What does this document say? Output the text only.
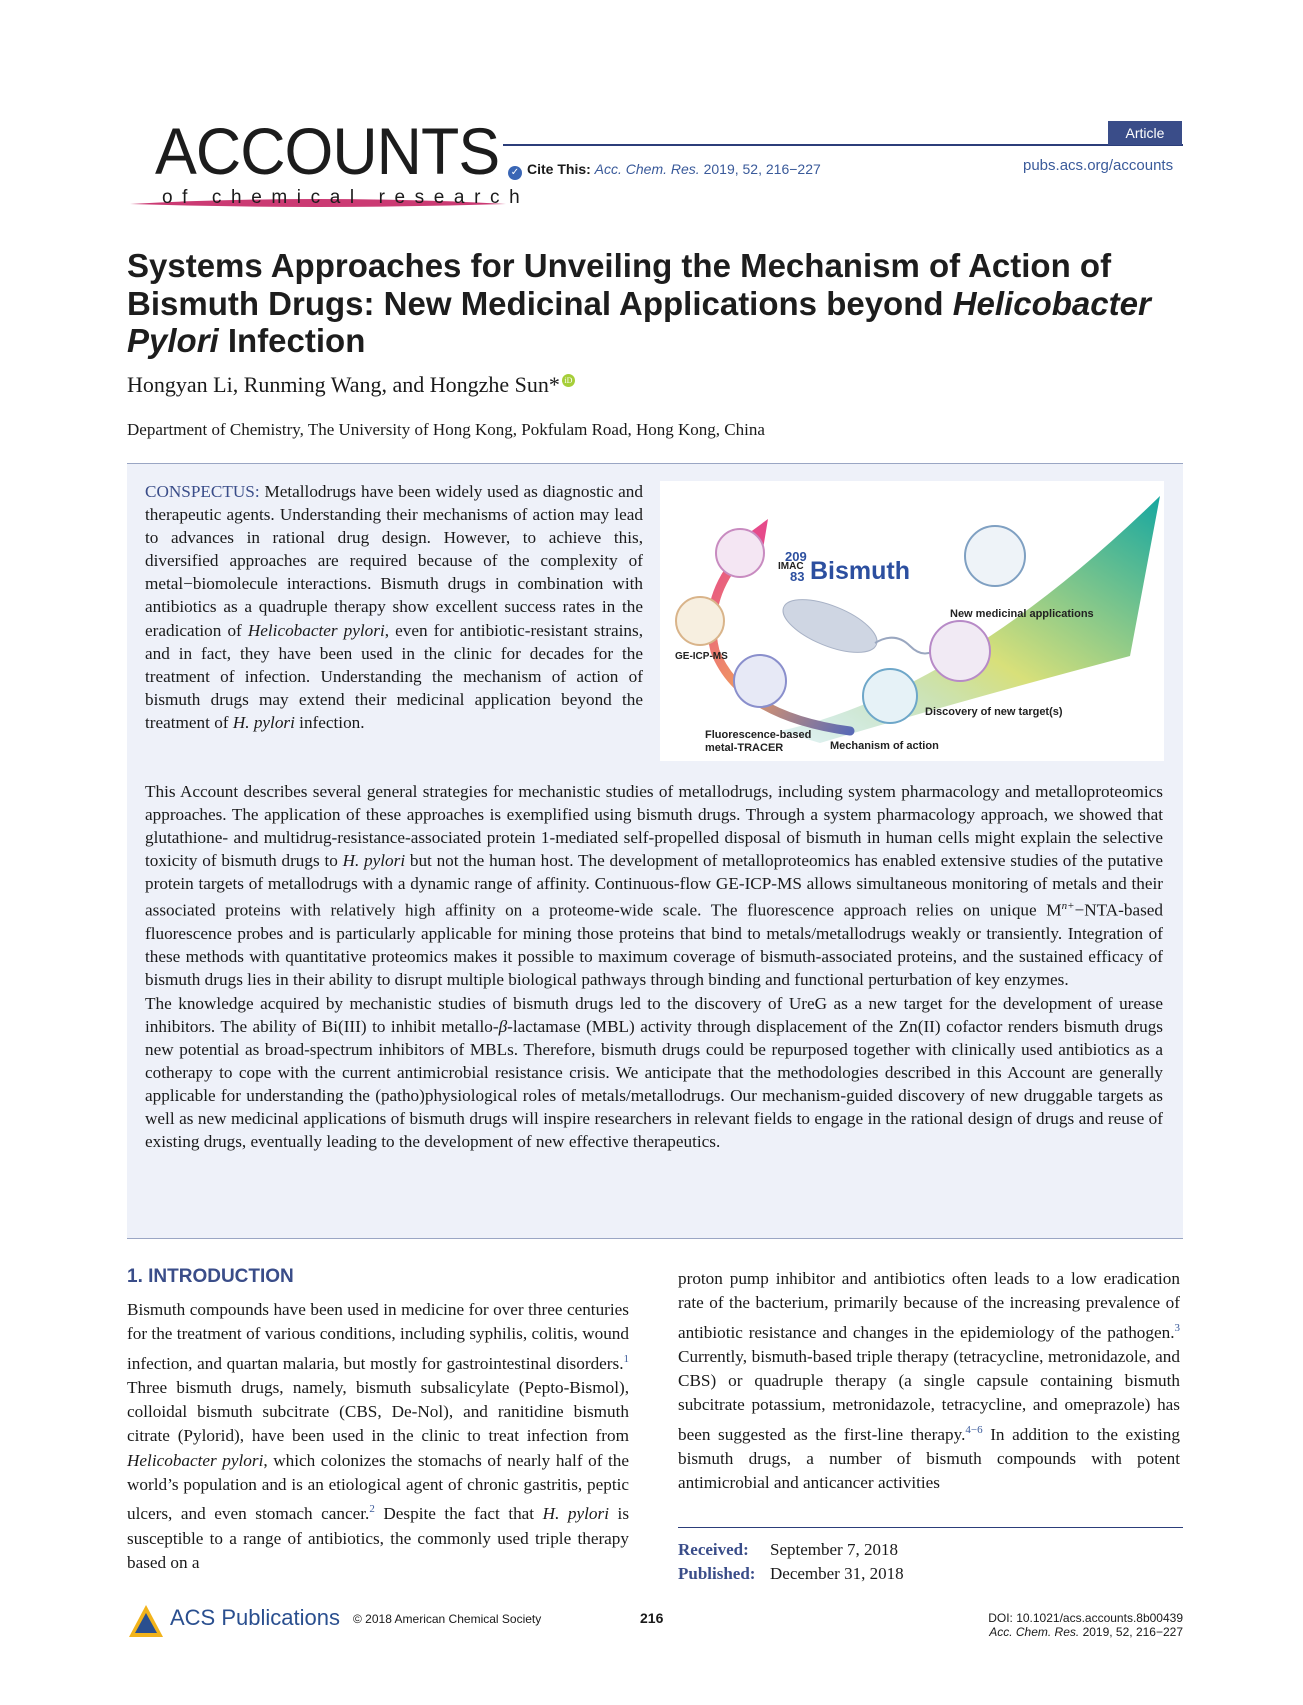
ACCOUNTS
of chemical research
Article
✓ Cite This: Acc. Chem. Res. 2019, 52, 216−227	pubs.acs.org/accounts
Systems Approaches for Unveiling the Mechanism of Action of Bismuth Drugs: New Medicinal Applications beyond Helicobacter Pylori Infection
Hongyan Li, Runming Wang, and Hongzhe Sun* iD
Department of Chemistry, The University of Hong Kong, Pokfulam Road, Hong Kong, China

CONSPECTUS: Metallodrugs have been widely used as diagnostic and therapeutic agents. Understanding their mechanisms of action may lead to advances in rational drug design. However, to achieve this, diversified approaches are required because of the complexity of metal−biomolecule interactions. Bismuth drugs in combination with antibiotics as a quadruple therapy show excellent success rates in the eradication of Helicobacter pylori, even for antibiotic-resistant strains, and in fact, they have been used in the clinic for decades for the treatment of infection. Understanding the mechanism of action of bismuth drugs may extend their medicinal application beyond the treatment of H. pylori infection.

This Account describes several general strategies for mechanistic studies of metallodrugs, including system pharmacology and metalloproteomics approaches. The application of these approaches is exemplified using bismuth drugs. Through a system pharmacology approach, we showed that glutathione- and multidrug-resistance-associated protein 1-mediated self-propelled disposal of bismuth in human cells might explain the selective toxicity of bismuth drugs to H. pylori but not the human host. The development of metalloproteomics has enabled extensive studies of the putative protein targets of metallodrugs with a dynamic range of affinity. Continuous-flow GE-ICP-MS allows simultaneous monitoring of metals and their associated proteins with relatively high affinity on a proteome-wide scale. The fluorescence approach relies on unique $M^{n+}-NTA$-based fluorescence probes and is particularly applicable for mining those proteins that bind to metals/metallodrugs weakly or transiently. Integration of these methods with quantitative proteomics makes it possible to maximum coverage of bismuth-associated proteins, and the sustained efficacy of bismuth drugs lies in their ability to disrupt multiple biological pathways through binding and functional perturbation of key enzymes.

The knowledge acquired by mechanistic studies of bismuth drugs led to the discovery of UreG as a new target for the development of urease inhibitors. The ability of Bi(III) to inhibit metallo-β-lactamase (MBL) activity through displacement of the Zn(II) cofactor renders bismuth drugs new potential as broad-spectrum inhibitors of MBLs. Therefore, bismuth drugs could be repurposed together with clinically used antibiotics as a cotherapy to cope with the current antimicrobial resistance crisis. We anticipate that the methodologies described in this Account are generally applicable for understanding the (patho)physiological roles of metals/metallodrugs. Our mechanism-guided discovery of new druggable targets as well as new medicinal applications of bismuth drugs will inspire researchers in relevant fields to engage in the rational design of drugs and reuse of existing drugs, eventually leading to the development of new effective therapeutics.

IMAC
GE-ICP-MS
Fluorescence-based
metal-TRACER	Mechanism of action
Discovery of new target(s)
New medicinal applications
209
83 Bismuth
1. INTRODUCTION

Bismuth compounds have been used in medicine for over three centuries for the treatment of various conditions, including syphilis, colitis, wound infection, and quartan malaria, but mostly for gastrointestinal disorders.$^1$ Three bismuth drugs, namely, bismuth subsalicylate (Pepto-Bismol), colloidal bismuth subcitrate (CBS, De-Nol), and ranitidine bismuth citrate (Pylorid), have been used in the clinic to treat infection from Helicobacter pylori, which colonizes the stomachs of nearly half of the world’s population and is an etiological agent of chronic gastritis, peptic ulcers, and even stomach cancer.$^2$ Despite the fact that H. pylori is susceptible to a range of antibiotics, the commonly used triple therapy based on a

proton pump inhibitor and antibiotics often leads to a low eradication rate of the bacterium, primarily because of the increasing prevalence of antibiotic resistance and changes in the epidemiology of the pathogen.$^3$ Currently, bismuth-based triple therapy (tetracycline, metronidazole, and CBS) or quadruple therapy (a single capsule containing bismuth subcitrate potassium, metronidazole, tetracycline, and omeprazole) has been suggested as the first-line therapy.$^{4-6}$ In addition to the existing bismuth drugs, a number of bismuth compounds with potent antimicrobial and anticancer activities

Received: September 7, 2018
Published: December 31, 2018
ACS Publications © 2018 American Chemical Society	216	DOI: 10.1021/acs.accounts.8b00439
Acc. Chem. Res. 2019, 52, 216−227
